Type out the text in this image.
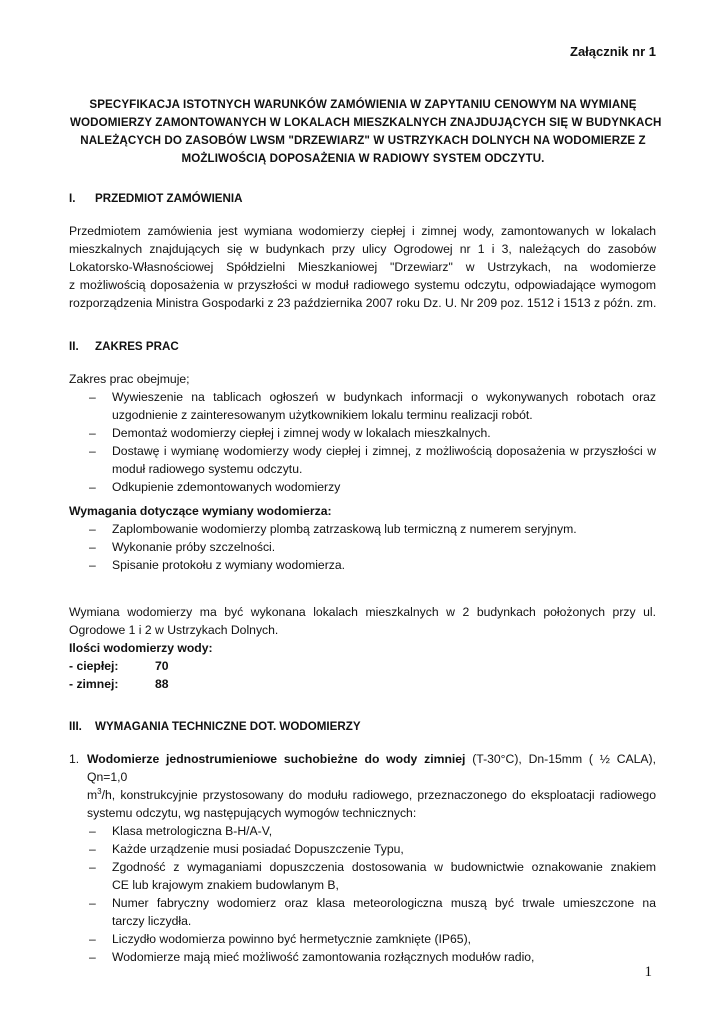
Załącznik nr 1
SPECYFIKACJA ISTOTNYCH WARUNKÓW ZAMÓWIENIA W ZAPYTANIU CENOWYM NA WYMIANĘ
WODOMIERZY ZAMONTOWANYCH W LOKALACH MIESZKALNYCH ZNAJDUJĄCYCH SIĘ W BUDYNKACH
NALEŻĄCYCH DO ZASOBÓW LWSM "DRZEWIARZ" W USTRZYKACH DOLNYCH NA WODOMIERZE Z
MOŻLIWOŚCIĄ DOPOSAŻENIA W RADIOWY SYSTEM ODCZYTU.
I. PRZEDMIOT ZAMÓWIENIA
Przedmiotem zamówienia jest wymiana wodomierzy ciepłej i zimnej wody, zamontowanych w lokalach
mieszkalnych znajdujących się w budynkach przy ulicy Ogrodowej nr 1 i 3, należących do zasobów
Lokatorsko-Własnościowej Spółdzielni Mieszkaniowej "Drzewiarz" w Ustrzykach, na wodomierze
z możliwością doposażenia w przyszłości w moduł radiowego systemu odczytu, odpowiadające wymogom
rozporządzenia Ministra Gospodarki z 23 października 2007 roku Dz. U. Nr 209 poz. 1512 i 1513 z późn. zm.
II. ZAKRES PRAC
Zakres prac obejmuje;
– Wywieszenie na tablicach ogłoszeń w budynkach informacji o wykonywanych robotach oraz
uzgodnienie z zainteresowanym użytkownikiem lokalu terminu realizacji robót.
– Demontaż wodomierzy ciepłej i zimnej wody w lokalach mieszkalnych.
– Dostawę i wymianę wodomierzy wody ciepłej i zimnej, z możliwością doposażenia w przyszłości w
moduł radiowego systemu odczytu.
– Odkupienie zdemontowanych wodomierzy
Wymagania dotyczące wymiany wodomierza:
– Zaplombowanie wodomierzy plombą zatrzaskową lub termiczną z numerem seryjnym.
– Wykonanie próby szczelności.
– Spisanie protokołu z wymiany wodomierza.
Wymiana wodomierzy ma być wykonana lokalach mieszkalnych w 2 budynkach położonych przy ul.
Ogrodowe 1 i 2 w Ustrzykach Dolnych.
Ilości wodomierzy wody:
- ciepłej:	70
- zimnej:	88
III. WYMAGANIA TECHNICZNE DOT. WODOMIERZY
1. Wodomierze jednostrumieniowe suchobieżne do wody zimniej (T-30°C), Dn-15mm ( ½ CALA), Qn=1,0
$m^3/h$, konstrukcyjnie przystosowany do modułu radiowego, przeznaczonego do eksploatacji radiowego
systemu odczytu, wg następujących wymogów technicznych:
– Klasa metrologiczna B-H/A-V,
– Każde urządzenie musi posiadać Dopuszczenie Typu,
– Zgodność z wymaganiami dopuszczenia dostosowania w budownictwie oznakowanie znakiem
CE lub krajowym znakiem budowlanym B,
– Numer fabryczny wodomierz oraz klasa meteorologiczna muszą być trwale umieszczone na
tarczy liczydła.
– Liczydło wodomierza powinno być hermetycznie zamknięte (IP65),
– Wodomierze mają mieć możliwość zamontowania rozłącznych modułów radio,
1
